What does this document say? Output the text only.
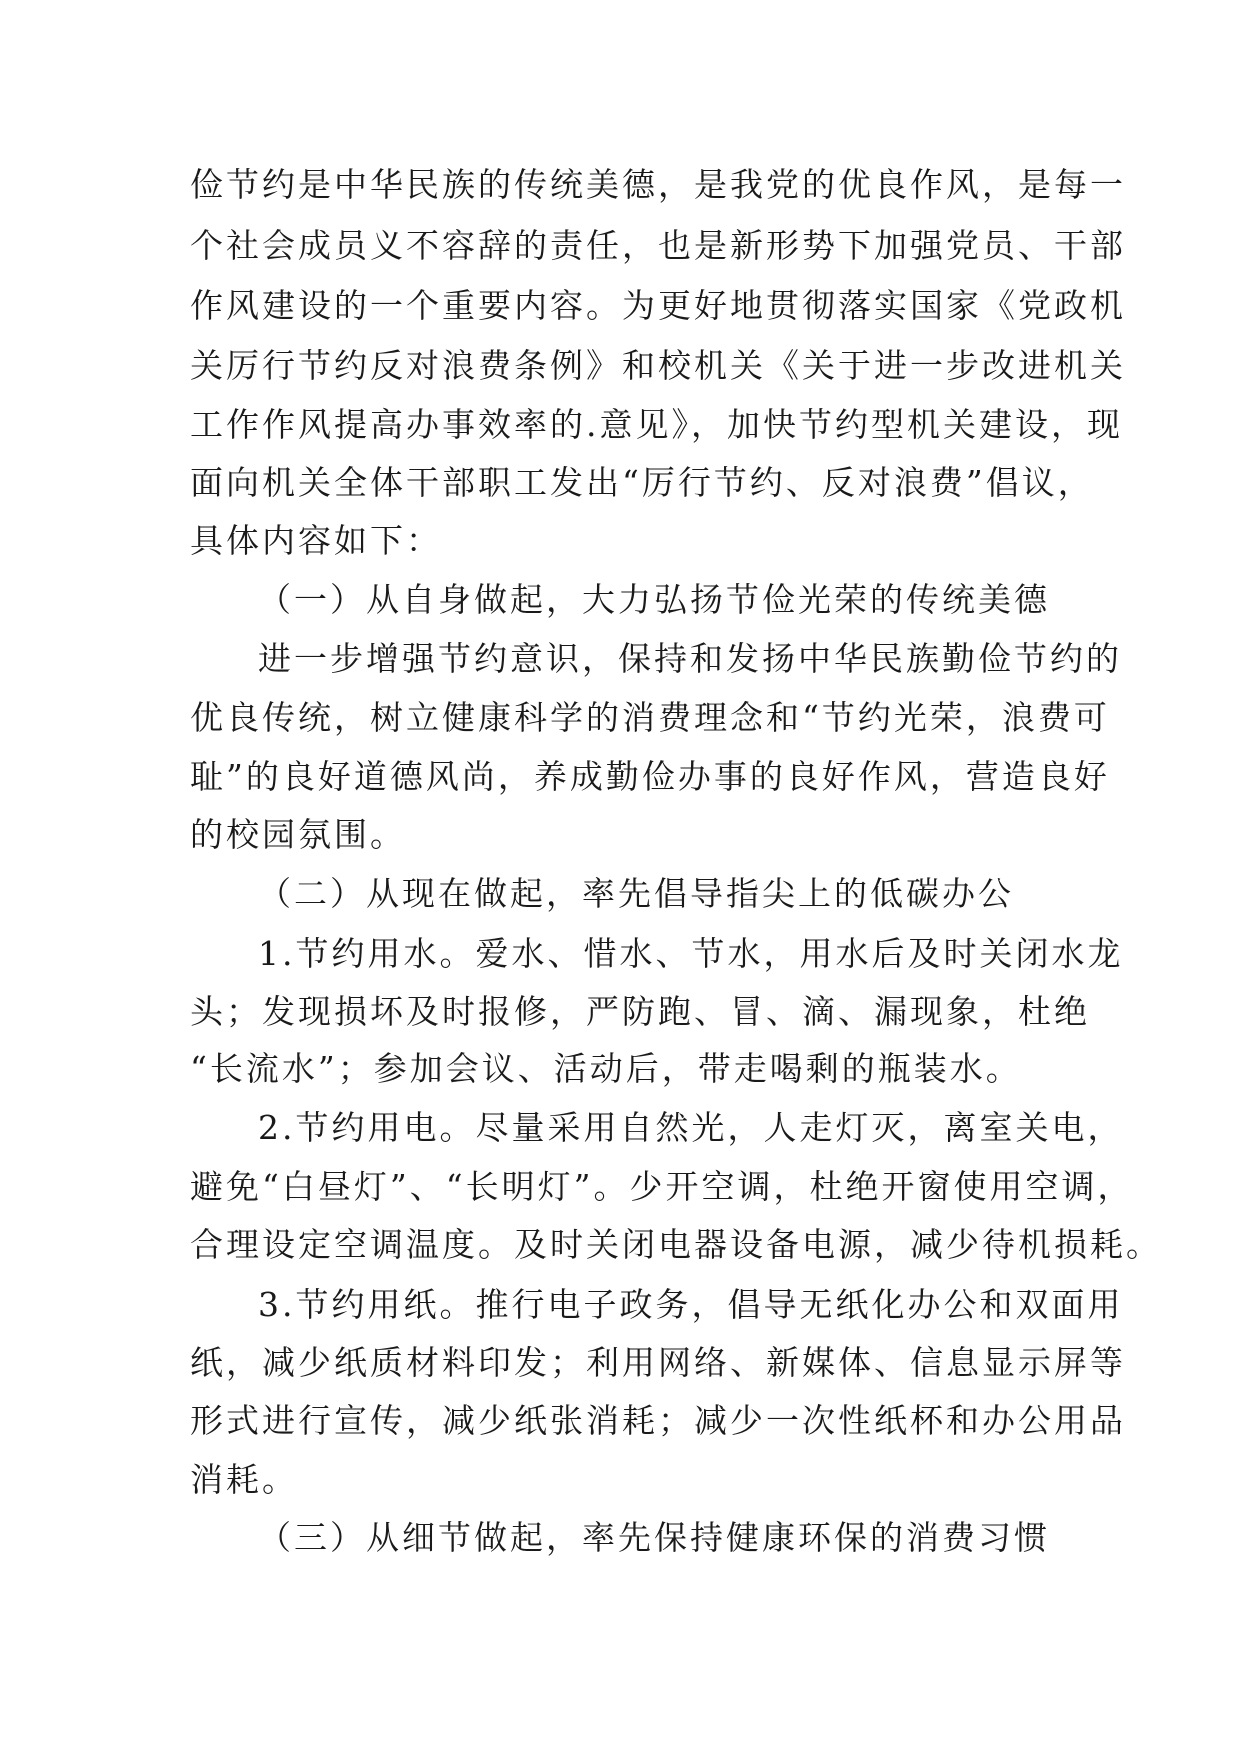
俭节约是中华民族的传统美德，是我党的优良作风，是每一
个社会成员义不容辞的责任，也是新形势下加强党员、干部
作风建设的一个重要内容。为更好地贯彻落实国家《党政机
关厉行节约反对浪费条例》和校机关《关于进一步改进机关
工作作风提高办事效率的.意见》，加快节约型机关建设，现
面向机关全体干部职工发出“厉行节约、反对浪费”倡议，
具体内容如下：
（一）从自身做起，大力弘扬节俭光荣的传统美德
进一步增强节约意识，保持和发扬中华民族勤俭节约的
优良传统，树立健康科学的消费理念和“节约光荣，浪费可
耻”的良好道德风尚，养成勤俭办事的良好作风，营造良好
的校园氛围。
（二）从现在做起，率先倡导指尖上的低碳办公
1.节约用水。爱水、惜水、节水，用水后及时关闭水龙
头；发现损坏及时报修，严防跑、冒、滴、漏现象，杜绝
“长流水”；参加会议、活动后，带走喝剩的瓶装水。
2.节约用电。尽量采用自然光，人走灯灭，离室关电，
避免“白昼灯”、“长明灯”。少开空调，杜绝开窗使用空调，
合理设定空调温度。及时关闭电器设备电源，减少待机损耗。
3.节约用纸。推行电子政务，倡导无纸化办公和双面用
纸，减少纸质材料印发；利用网络、新媒体、信息显示屏等
形式进行宣传，减少纸张消耗；减少一次性纸杯和办公用品
消耗。
（三）从细节做起，率先保持健康环保的消费习惯
